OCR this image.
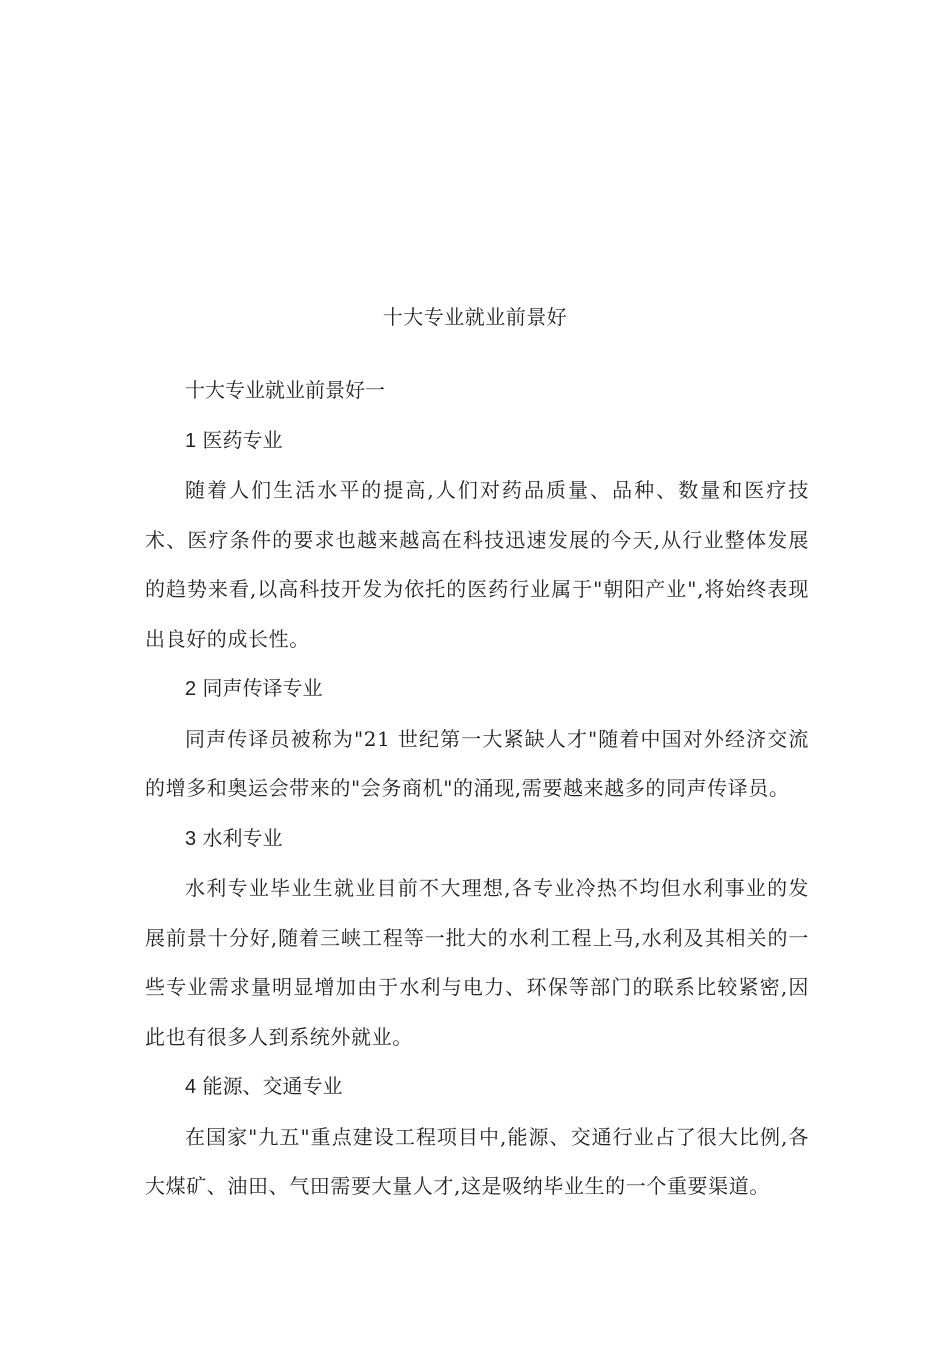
十大专业就业前景好

十大专业就业前景好一

1 医药专业

随着人们生活水平的提高,人们对药品质量、品种、数量和医疗技术、医疗条件的要求也越来越高在科技迅速发展的今天,从行业整体发展的趋势来看,以高科技开发为依托的医药行业属于"朝阳产业",将始终表现出良好的成长性。

2 同声传译专业

同声传译员被称为"21 世纪第一大紧缺人才"随着中国对外经济交流的增多和奥运会带来的"会务商机"的涌现,需要越来越多的同声传译员。

3 水利专业

水利专业毕业生就业目前不大理想,各专业冷热不均但水利事业的发展前景十分好,随着三峡工程等一批大的水利工程上马,水利及其相关的一些专业需求量明显增加由于水利与电力、环保等部门的联系比较紧密,因此也有很多人到系统外就业。

4 能源、交通专业

在国家"九五"重点建设工程项目中,能源、交通行业占了很大比例,各大煤矿、油田、气田需要大量人才,这是吸纳毕业生的一个重要渠道。
